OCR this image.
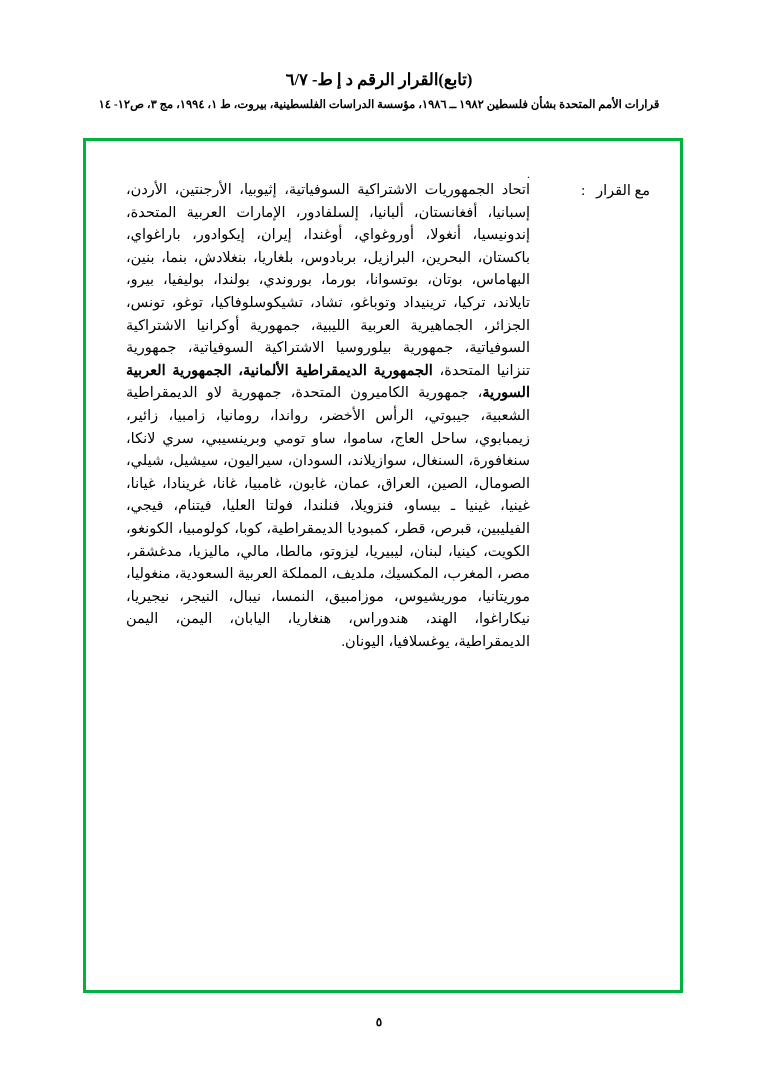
(تابع)القرار الرقم د إ ط- ٦/٧
قرارات الأمم المتحدة بشأن فلسطين ١٩٨٢ ــ ١٩٨٦، مؤسسة الدراسات الفلسطينية، بيروت، ط ١، ١٩٩٤، مج ٣، ص١٢- ١٤
.
مع القرار:
اتحاد الجمهوريات الاشتراكية السوفياتية، إثيوبيا، الأرجنتين، الأردن، إسبانيا، أفغانستان، ألبانيا، إلسلفادور، الإمارات العربية المتحدة، إندونيسيا، أنغولا، أوروغواي، أوغندا، إيران، إيكوادور، باراغواي، باكستان، البحرين، البرازيل، بربادوس، بلغاريا، بنغلادش، بنما، بنين، البهاماس، بوتان، بوتسوانا، بورما، بوروندي، بولندا، بوليفيا، بيرو، تايلاند، تركيا، ترينيداد وتوباغو، تشاد، تشيكوسلوفاكيا، توغو، تونس، الجزائر، الجماهيرية العربية الليبية، جمهورية أوكرانيا الاشتراكية السوفياتية، جمهورية بيلوروسيا الاشتراكية السوفياتية، جمهورية تنزانيا المتحدة، الجمهورية الديمقراطية الألمانية، الجمهورية العربية السورية، جمهورية الكاميرون المتحدة، جمهورية لاو الديمقراطية الشعبية، جيبوتي، الرأس الأخضر، رواندا، رومانيا، زامبيا، زائير، زيمبابوي، ساحل العاج، ساموا، ساو تومي وبرينسيبي، سري لانكا، سنغافورة، السنغال، سوازيلاند، السودان، سيراليون، سيشيل، شيلي، الصومال، الصين، العراق، عمان، غابون، غامبيا، غانا، غرينادا، غيانا، غينيا، غينيا ـ بيساو، فنزويلا، فنلندا، فولتا العليا، فيتنام، فيجي، الفيليبين، قبرص، قطر، كمبوديا الديمقراطية، كوبا، كولومبيا، الكونغو، الكويت، كينيا، لبنان، ليبيريا، ليزوتو، مالطا، مالي، ماليزيا، مدغشقر، مصر، المغرب، المكسيك، ملديف، المملكة العربية السعودية، منغوليا، موريتانيا، موريشيوس، موزامبيق، النمسا، نيبال، النيجر، نيجيريا، نيكاراغوا، الهند، هندوراس، هنغاريا، اليابان، اليمن، اليمن الديمقراطية، يوغسلافيا، اليونان.
٥
